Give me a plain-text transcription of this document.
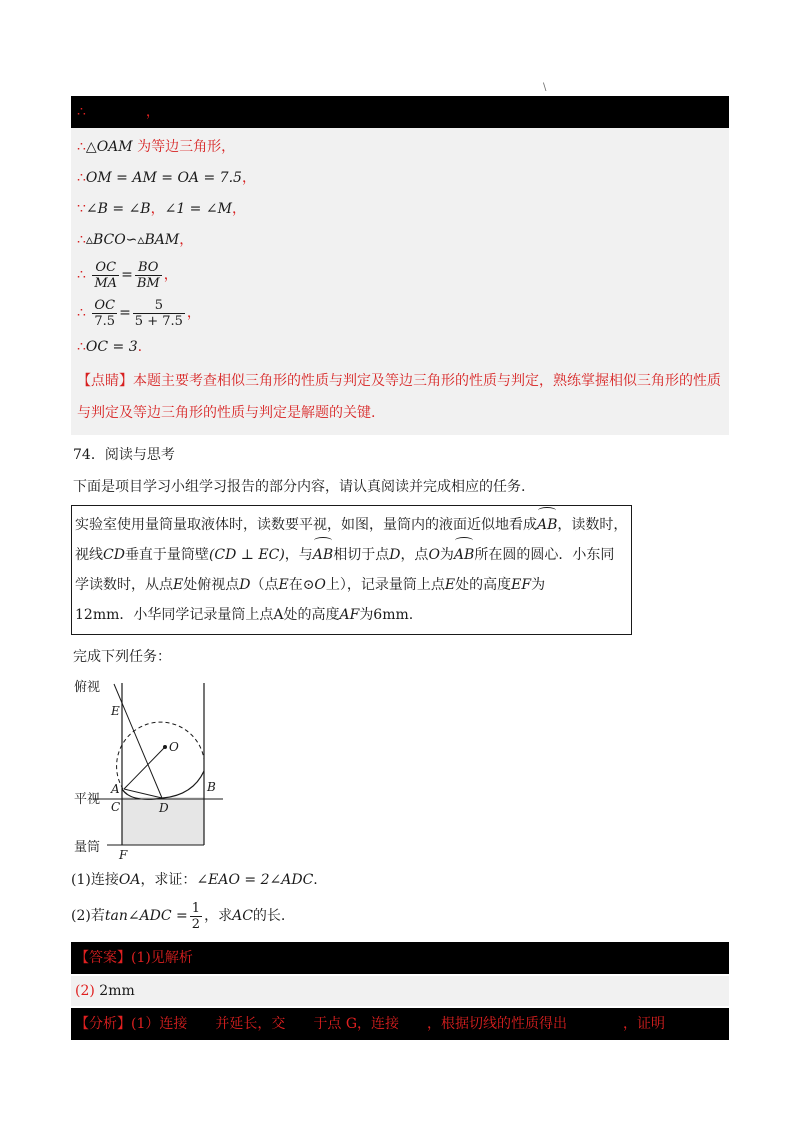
\
∴	，
∴△OAM 为等边三角形，
∴OM = AM = OA = 7.5，
∵∠B = ∠B，∠1 = ∠M，
∴▵BCO∽▵BAM，
∴ $\frac{OC}{MA} = \frac{BO}{BM}$ ，
∴ $\frac{OC}{7.5} = \frac{5}{5 + 7.5}$ ，
∴OC = 3.
【点睛】本题主要考查相似三角形的性质与判定及等边三角形的性质与判定，熟练掌握相似三角形的性质与判定及等边三角形的性质与判定是解题的关键.
74．阅读与思考
下面是项目学习小组学习报告的部分内容，请认真阅读并完成相应的任务.
实验室使用量筒量取液体时，读数要平视，如图，量筒内的液面近似地看成AB，读数时，
视线CD垂直于量筒壁(CD ⊥ EC)，与AB相切于点D，点O为AB所在圆的圆心．小东同
学读数时，从点E处俯视点D（点E在⊙O上），记录量筒上点E处的高度EF为
12mm．小华同学记录量筒上点A处的高度AF为6mm.
完成下列任务：
俯视
平视
量筒
E
O
A	B
C	D
F
(1)连接OA，求证：∠EAO = 2∠ADC.
(2)若tan∠ADC = $\frac{1}{2}$ ，求AC的长.
【答案】(1)见解析
(2) 2mm
【分析】(1）连接　　并延长，交　　于点 G，连接　　，根据切线的性质得出　　　　，证明
